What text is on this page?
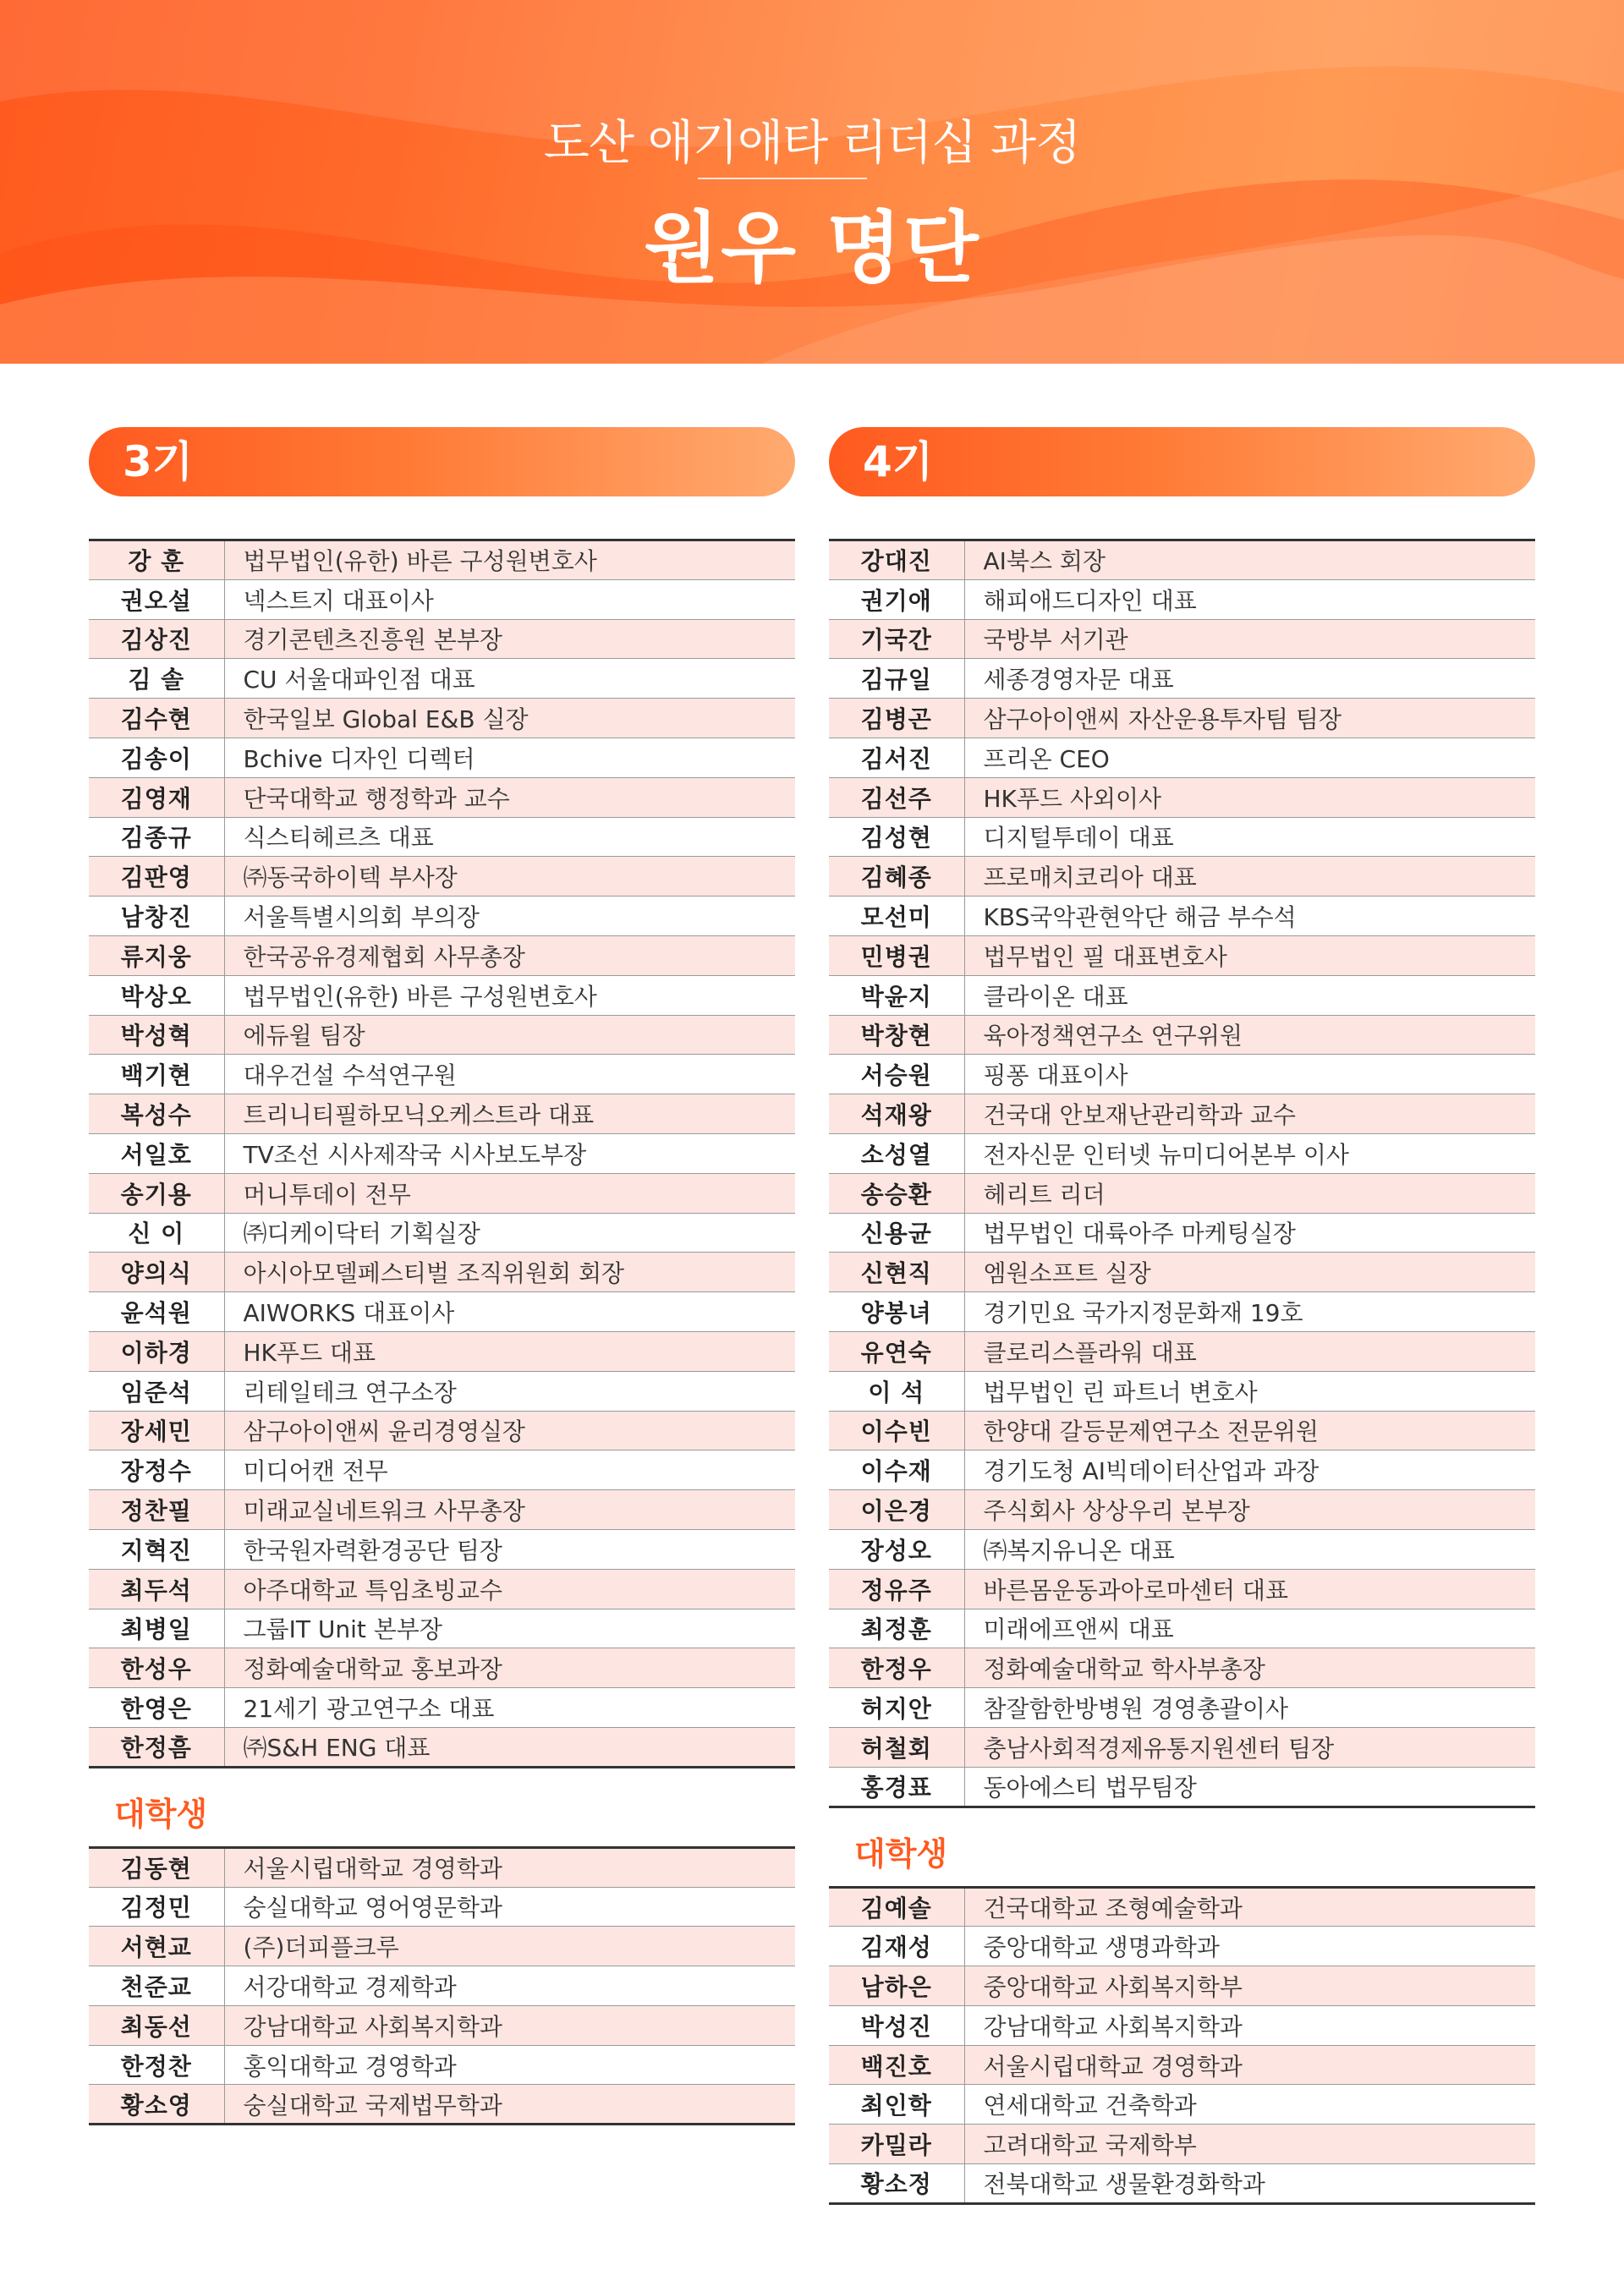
도산 애기애타 리더십 과정
원우 명단
3기
강 훈	법무법인(유한) 바른 구성원변호사
권오설	넥스트지 대표이사
김상진	경기콘텐츠진흥원 본부장
김 솔	CU 서울대파인점 대표
김수현	한국일보 Global E&B 실장
김송이	Bchive 디자인 디렉터
김영재	단국대학교 행정학과 교수
김종규	식스티헤르츠 대표
김판영	㈜동국하이텍 부사장
남창진	서울특별시의회 부의장
류지웅	한국공유경제협회 사무총장
박상오	법무법인(유한) 바른 구성원변호사
박성혁	에듀윌 팀장
백기현	대우건설 수석연구원
복성수	트리니티필하모닉오케스트라 대표
서일호	TV조선 시사제작국 시사보도부장
송기용	머니투데이 전무
신 이	㈜디케이닥터 기획실장
양의식	아시아모델페스티벌 조직위원회 회장
윤석원	AIWORKS 대표이사
이하경	HK푸드 대표
임준석	리테일테크 연구소장
장세민	삼구아이앤씨 윤리경영실장
장정수	미디어캔 전무
정찬필	미래교실네트워크 사무총장
지혁진	한국원자력환경공단 팀장
최두석	아주대학교 특임초빙교수
최병일	그룹IT Unit 본부장
한성우	정화예술대학교 홍보과장
한영은	21세기 광고연구소 대표
한정흠	㈜S&H ENG 대표
대학생
김동현	서울시립대학교 경영학과
김정민	숭실대학교 영어영문학과
서현교	(주)더피플크루
천준교	서강대학교 경제학과
최동선	강남대학교 사회복지학과
한정찬	홍익대학교 경영학과
황소영	숭실대학교 국제법무학과
4기
강대진	AI북스 회장
권기애	해피애드디자인 대표
기국간	국방부 서기관
김규일	세종경영자문 대표
김병곤	삼구아이앤씨 자산운용투자팀 팀장
김서진	프리온 CEO
김선주	HK푸드 사외이사
김성현	디지털투데이 대표
김혜종	프로매치코리아 대표
모선미	KBS국악관현악단 해금 부수석
민병권	법무법인 필 대표변호사
박윤지	클라이온 대표
박창현	육아정책연구소 연구위원
서승원	핑퐁 대표이사
석재왕	건국대 안보재난관리학과 교수
소성열	전자신문 인터넷 뉴미디어본부 이사
송승환	헤리트 리더
신용균	법무법인 대륙아주 마케팅실장
신현직	엠원소프트 실장
양봉녀	경기민요 국가지정문화재 19호
유연숙	클로리스플라워 대표
이 석	법무법인 린 파트너 변호사
이수빈	한양대 갈등문제연구소 전문위원
이수재	경기도청 AI빅데이터산업과 과장
이은경	주식회사 상상우리 본부장
장성오	㈜복지유니온 대표
정유주	바른몸운동과아로마센터 대표
최정훈	미래에프앤씨 대표
한정우	정화예술대학교 학사부총장
허지안	참잘함한방병원 경영총괄이사
허철회	충남사회적경제유통지원센터 팀장
홍경표	동아에스티 법무팀장
대학생
김예솔	건국대학교 조형예술학과
김재성	중앙대학교 생명과학과
남하은	중앙대학교 사회복지학부
박성진	강남대학교 사회복지학과
백진호	서울시립대학교 경영학과
최인학	연세대학교 건축학과
카밀라	고려대학교 국제학부
황소정	전북대학교 생물환경화학과
